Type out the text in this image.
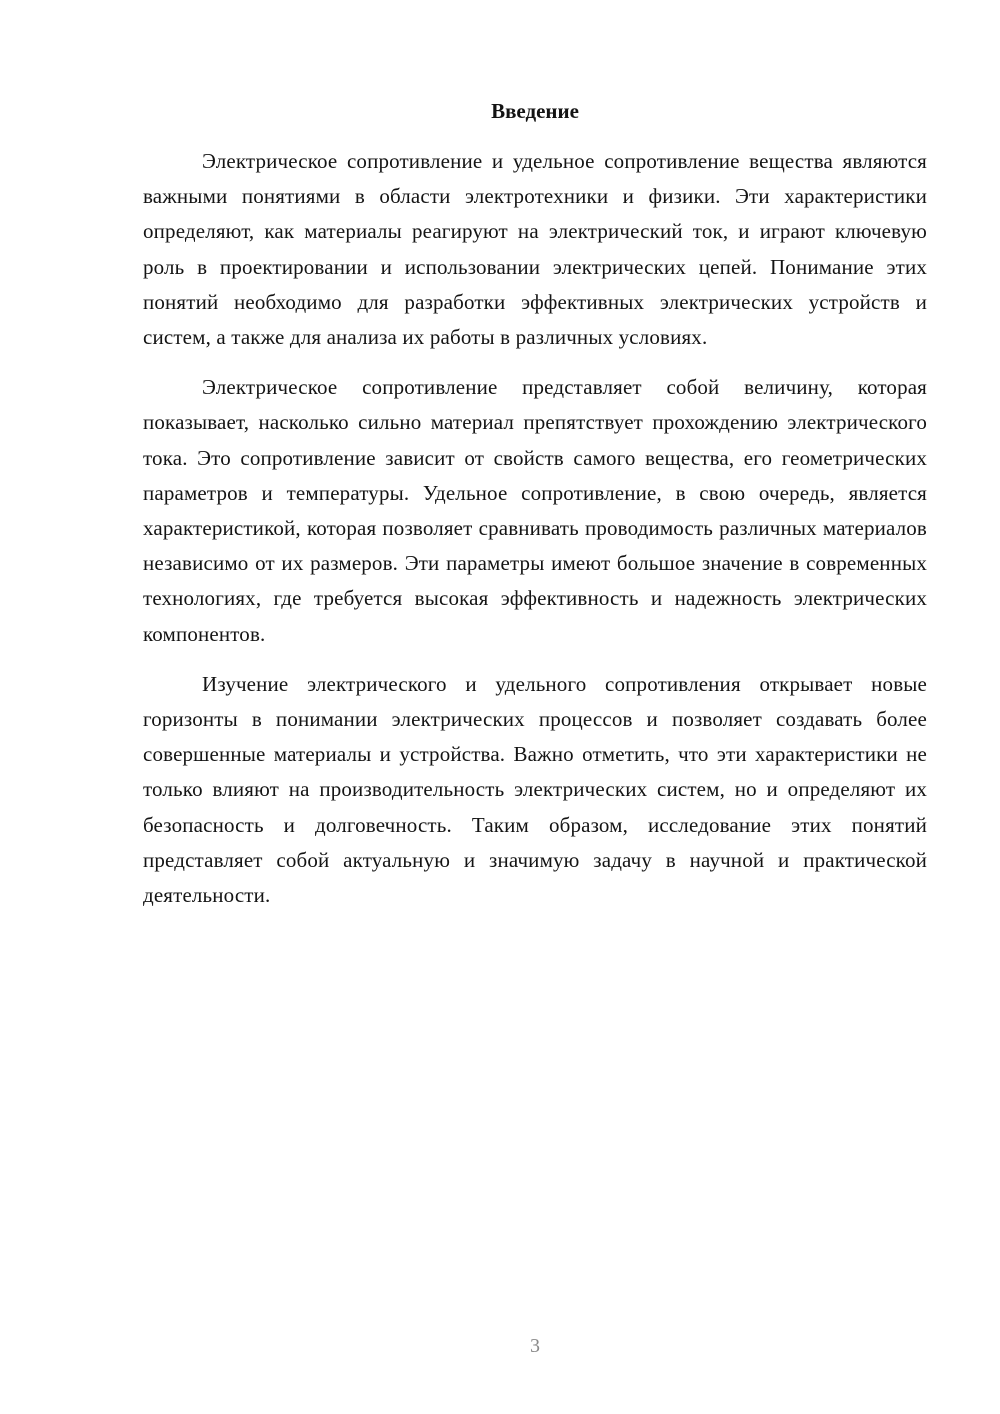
Введение

Электрическое сопротивление и удельное сопротивление вещества являются важными понятиями в области электротехники и физики. Эти характеристики определяют, как материалы реагируют на электрический ток, и играют ключевую роль в проектировании и использовании электрических цепей. Понимание этих понятий необходимо для разработки эффективных электрических устройств и систем, а также для анализа их работы в различных условиях.

Электрическое сопротивление представляет собой величину, которая показывает, насколько сильно материал препятствует прохождению электрического тока. Это сопротивление зависит от свойств самого вещества, его геометрических параметров и температуры. Удельное сопротивление, в свою очередь, является характеристикой, которая позволяет сравнивать проводимость различных материалов независимо от их размеров. Эти параметры имеют большое значение в современных технологиях, где требуется высокая эффективность и надежность электрических компонентов.

Изучение электрического и удельного сопротивления открывает новые горизонты в понимании электрических процессов и позволяет создавать более совершенные материалы и устройства. Важно отметить, что эти характеристики не только влияют на производительность электрических систем, но и определяют их безопасность и долговечность. Таким образом, исследование этих понятий представляет собой актуальную и значимую задачу в научной и практической деятельности.

3
